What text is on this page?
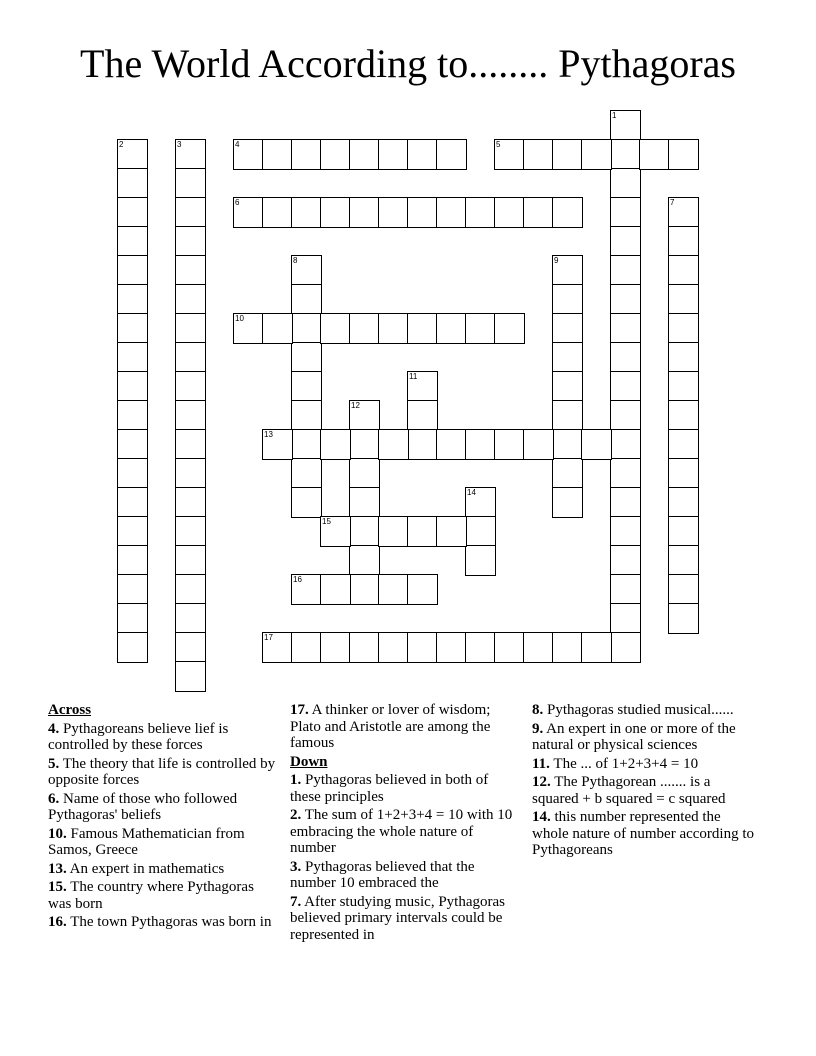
The World According to........ Pythagoras
1
2	3	4	5
6	7
8	9
10
11
12
13
14
15
16
17
Across
4. Pythagoreans believe lief is controlled by these forces
5. The theory that life is controlled by opposite forces
6. Name of those who followed Pythagoras' beliefs
10. Famous Mathematician from Samos, Greece
13. An expert in mathematics
15. The country where Pythagoras was born
16. The town Pythagoras was born in
17. A thinker or lover of wisdom; Plato and Aristotle are among the famous
Down
1. Pythagoras believed in both of these principles
2. The sum of 1+2+3+4 = 10 with 10 embracing the whole nature of number
3. Pythagoras believed that the number 10 embraced the
7. After studying music, Pythagoras believed primary intervals could be represented in
8. Pythagoras studied musical......
9. An expert in one or more of the natural or physical sciences
11. The ... of 1+2+3+4 = 10
12. The Pythagorean ....... is a squared + b squared = c squared
14. this number represented the whole nature of number according to Pythagoreans
